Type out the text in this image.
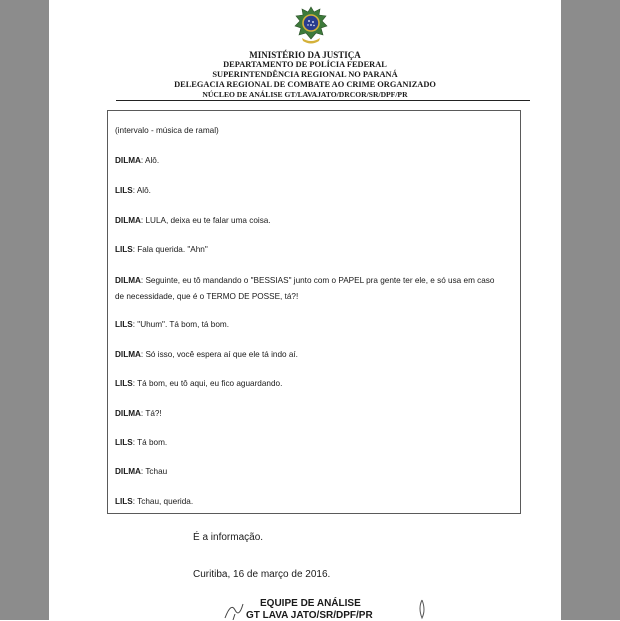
MINISTÉRIO DA JUSTIÇA
DEPARTAMENTO DE POLÍCIA FEDERAL
SUPERINTENDÊNCIA REGIONAL NO PARANÁ
DELEGACIA REGIONAL DE COMBATE AO CRIME ORGANIZADO
NÚCLEO DE ANÁLISE GT/LAVAJATO/DRCOR/SR/DPF/PR
(intervalo - música de ramal)
DILMA: Alô.
LILS: Alô.
DILMA: LULA, deixa eu te falar uma coisa.
LILS: Fala querida. "Ahn"
DILMA: Seguinte, eu tô mandando o "BESSIAS" junto com o PAPEL pra gente ter ele, e só usa em caso
de necessidade, que é o TERMO DE POSSE, tá?!
LILS: "Uhum". Tá bom, tá bom.
DILMA: Só isso, você espera aí que ele tá indo aí.
LILS: Tá bom, eu tô aqui, eu fico aguardando.
DILMA: Tá?!
LILS: Tá bom.
DILMA: Tchau
LILS: Tchau, querida.
É a informação.
Curitiba, 16 de março de 2016.
EQUIPE DE ANÁLISE
GT LAVA JATO/SR/DPF/PR
